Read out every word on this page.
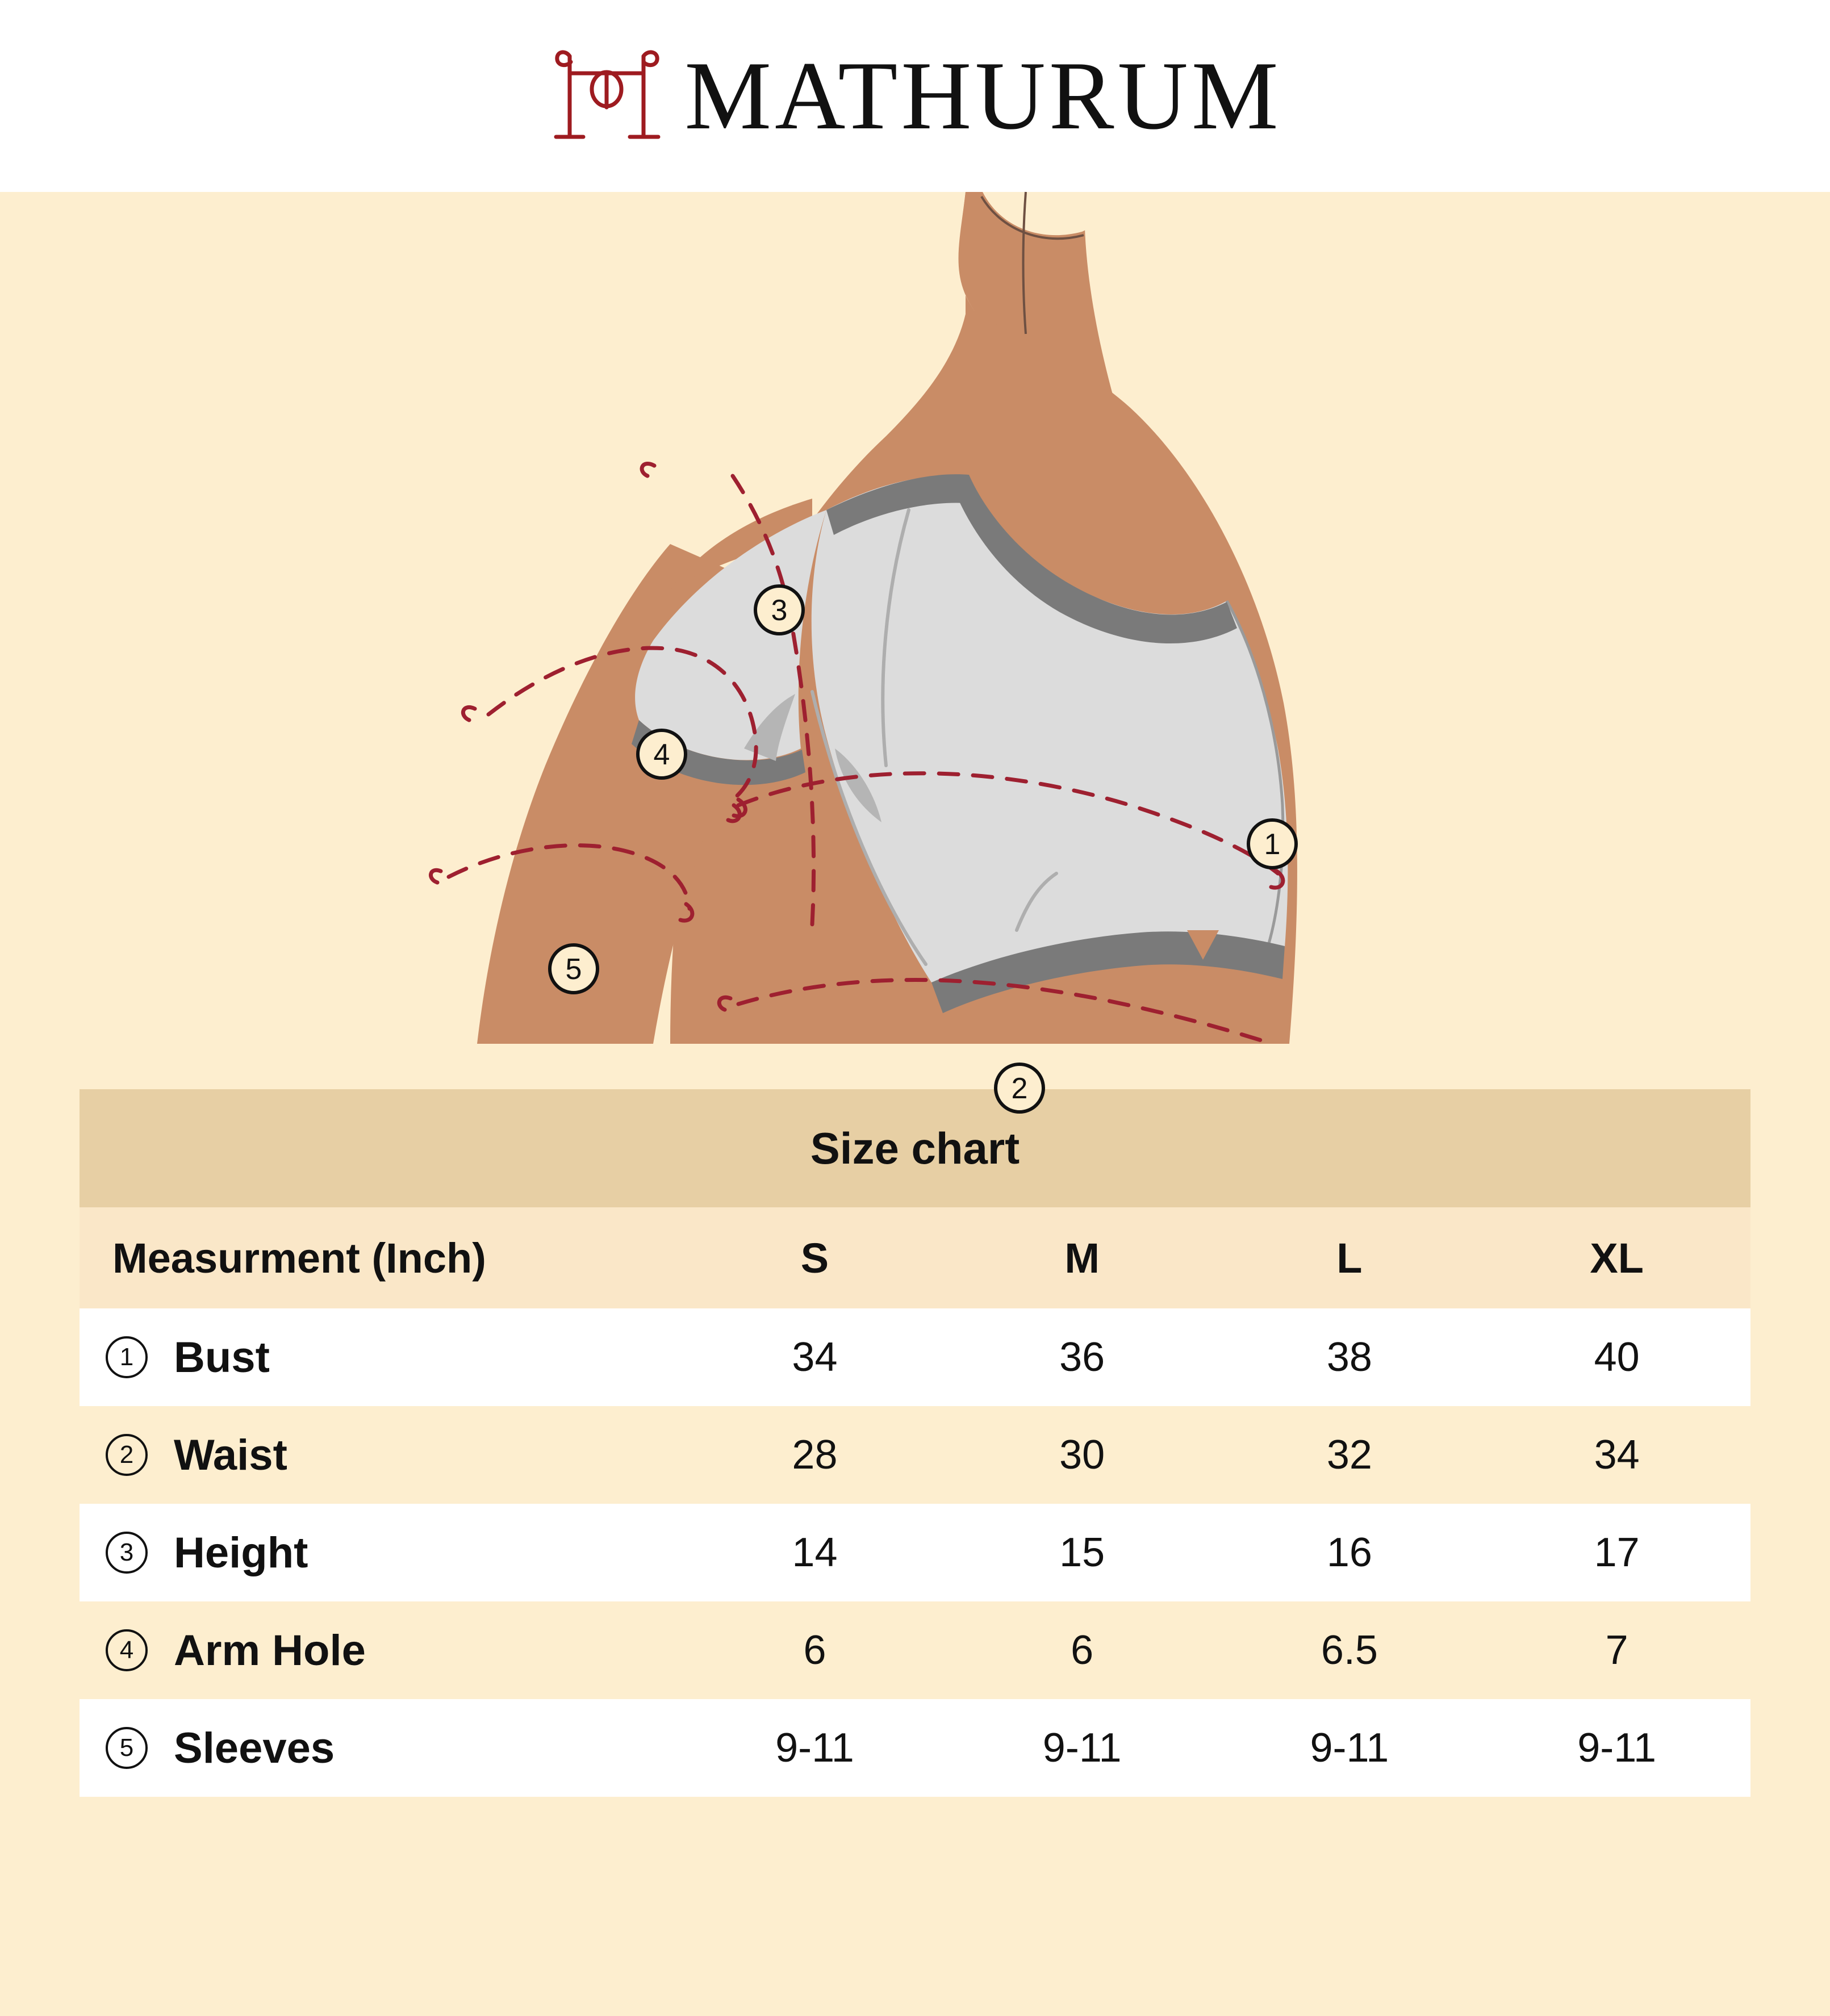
MATHURUM
1
2
3
4
5
Size chart				
Measurment (Inch)	S	M	L	XL

1 Bust	34	36	38	40

2 Waist	28	30	32	34

3 Height	14	15	16	17

4 Arm Hole	6	6	6.5	7

5 Sleeves	9-11	9-11	9-11	9-11
